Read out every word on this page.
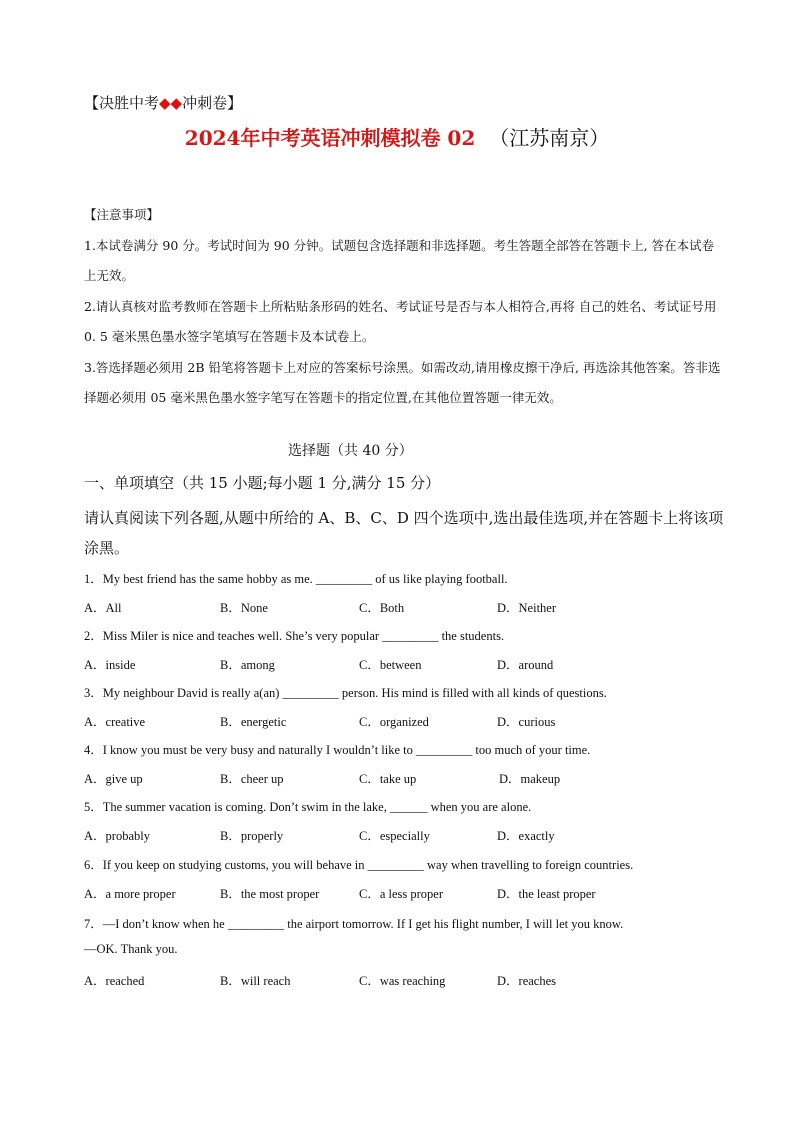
【决胜中考◆◆冲刺卷】
2024年中考英语冲刺模拟卷 02 （江苏南京）

【注意事项】

1.本试卷满分 90 分。考试时间为 90 分钟。试题包含选择题和非选择题。考生答题全部答在答题卡上, 答在本试卷上无效。

2.请认真核对监考教师在答题卡上所粘贴条形码的姓名、考试证号是否与本人相符合,再将 自己的姓名、考试证号用 0. 5 毫米黑色墨水签字笔填写在答题卡及本试卷上。

3.答选择题必须用 2B 铅笔将答题卡上对应的答案标号涂黑。如需改动,请用橡皮擦干净后, 再选涂其他答案。答非选择题必须用 05 毫米黑色墨水签字笔写在答题卡的指定位置,在其他位置答题一律无效。

选择题（共 40 分）
一、单项填空（共 15 小题;每小题 1 分,满分 15 分）
请认真阅读下列各题,从题中所给的 A、B、C、D 四个选项中,选出最佳选项,并在答题卡上将该项涂黑。
1．My best friend has the same hobby as me. _________ of us like playing football.
A．All	B．None	C．Both	D．Neither
2．Miss Miler is nice and teaches well. She’s very popular _________ the students.
A．inside	B．among	C．between	D．around
3．My neighbour David is really a(an) _________ person. His mind is filled with all kinds of questions.
A．creative	B．energetic	C．organized	D．curious
4．I know you must be very busy and naturally I wouldn’t like to _________ too much of your time.
A．give up	B．cheer up	C．take up	D．makeup
5．The summer vacation is coming. Don’t swim in the lake, ______ when you are alone.
A．probably	B．properly	C．especially	D．exactly
6．If you keep on studying customs, you will behave in _________ way when travelling to foreign countries.
A．a more proper	B．the most proper	C．a less proper	D．the least proper
7．—I don’t know when he _________ the airport tomorrow. If I get his flight number, I will let you know.
—OK. Thank you.
A．reached	B．will reach	C．was reaching	D．reaches
